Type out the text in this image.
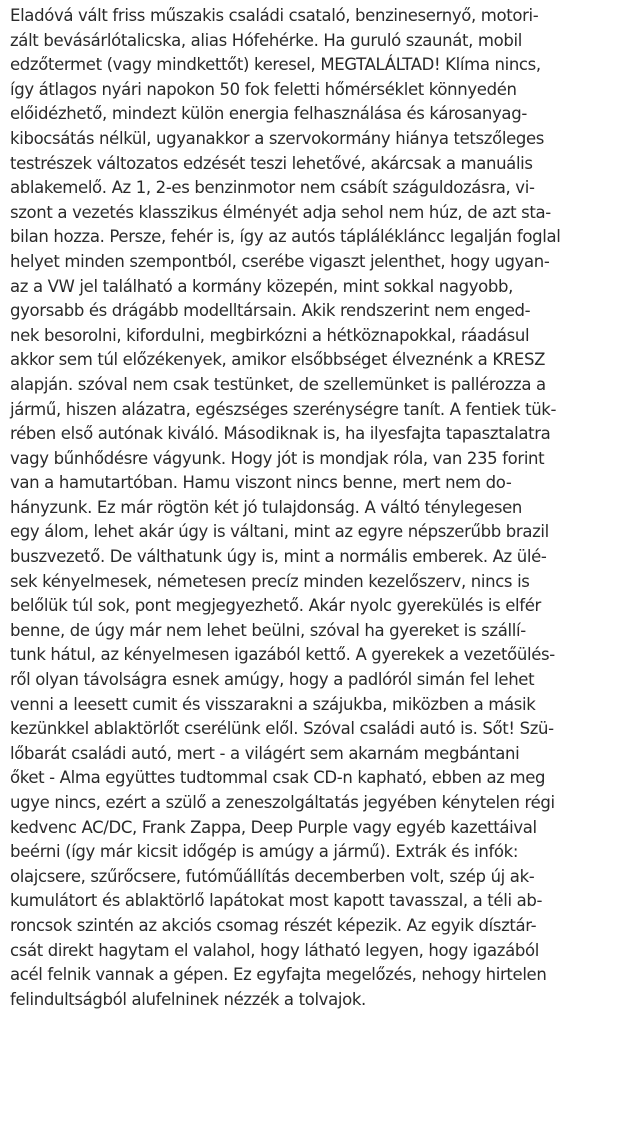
Eladóvá vált friss műszakis családi csataló, benzinesernyő, motori-
zált bevásárlótalicska, alias Hófehérke. Ha guruló szaunát, mobil
edzőtermet (vagy mindkettőt) keresel, MEGTALÁLTAD! Klíma nincs,
így átlagos nyári napokon 50 fok feletti hőmérséklet könnyedén
előidézhető, mindezt külön energia felhasználása és károsanyag-
kibocsátás nélkül, ugyanakkor a szervokormány hiánya tetszőleges
testrészek változatos edzését teszi lehetővé, akárcsak a manuális
ablakemelő. Az 1, 2-es benzinmotor nem csábít száguldozásra, vi-
szont a vezetés klasszikus élményét adja sehol nem húz, de azt sta-
bilan hozza. Persze, fehér is, így az autós táplálékláncc legalján foglal
helyet minden szempontból, cserébe vigaszt jelenthet, hogy ugyan-
az a VW jel található a kormány közepén, mint sokkal nagyobb,
gyorsabb és drágább modelltársain. Akik rendszerint nem enged-
nek besorolni, kifordulni, megbirkózni a hétköznapokkal, ráadásul
akkor sem túl előzékenyek, amikor elsőbbséget élveznénk a KRESZ
alapján. szóval nem csak testünket, de szellemünket is pallérozza a
jármű, hiszen alázatra, egészséges szerénységre tanít. A fentiek tük-
rében első autónak kiváló. Másodiknak is, ha ilyesfajta tapasztalatra
vagy bűnhődésre vágyunk. Hogy jót is mondjak róla, van 235 forint
van a hamutartóban. Hamu viszont nincs benne, mert nem do-
hányzunk. Ez már rögtön két jó tulajdonság. A váltó ténylegesen
egy álom, lehet akár úgy is váltani, mint az egyre népszerűbb brazil
buszvezető. De válthatunk úgy is, mint a normális emberek. Az ülé-
sek kényelmesek, németesen precíz minden kezelőszerv, nincs is
belőlük túl sok, pont megjegyezhető. Akár nyolc gyerekülés is elfér
benne, de úgy már nem lehet beülni, szóval ha gyereket is szállí-
tunk hátul, az kényelmesen igazából kettő. A gyerekek a vezetőülés-
ről olyan távolságra esnek amúgy, hogy a padlóról simán fel lehet
venni a leesett cumit és visszarakni a szájukba, miközben a másik
kezünkkel ablaktörlőt cserélünk elől. Szóval családi autó is. Sőt! Szü-
lőbarát családi autó, mert - a világért sem akarnám megbántani
őket - Alma együttes tudtommal csak CD-n kapható, ebben az meg
ugye nincs, ezért a szülő a zeneszolgáltatás jegyében kénytelen régi
kedvenc AC/DC, Frank Zappa, Deep Purple vagy egyéb kazettáival
beérni (így már kicsit időgép is amúgy a jármű). Extrák és infók:
olajcsere, szűrőcsere, futóműállítás decemberben volt, szép új ak-
kumulátort és ablaktörlő lapátokat most kapott tavasszal, a téli ab-
roncsok szintén az akciós csomag részét képezik. Az egyik dísztár-
csát direkt hagytam el valahol, hogy látható legyen, hogy igazából
acél felnik vannak a gépen. Ez egyfajta megelőzés, nehogy hirtelen
felindultságból alufelninek nézzék a tolvajok.
